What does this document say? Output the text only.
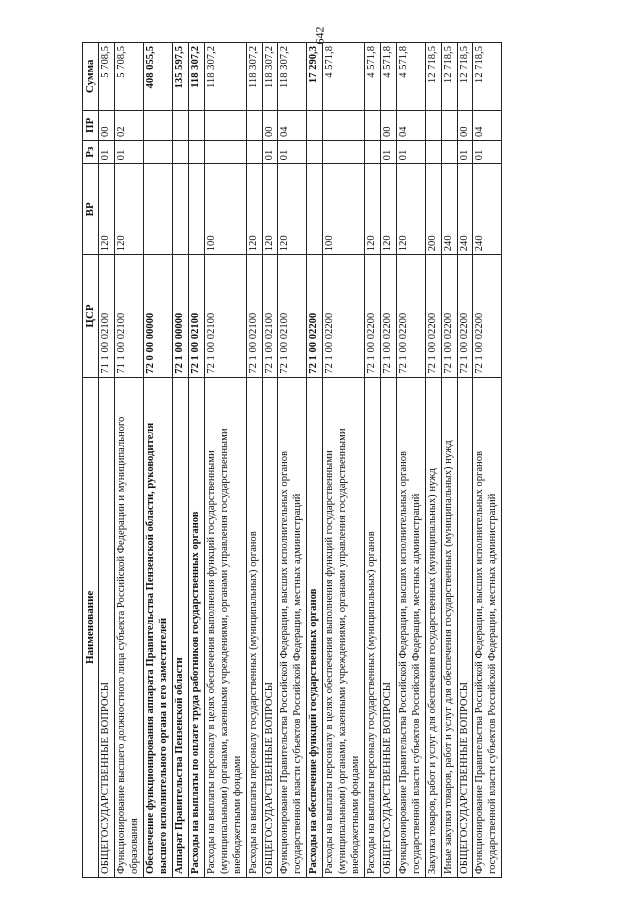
642
Наименование	ЦСР	ВР	Рз	ПР	Сумма
ОБЩЕГОСУДАРСТВЕННЫЕ ВОПРОСЫ	71 1 00 02100	120	01	00	5 708,5
Функционирование высшего должностного лица субъекта Российской Федерации и муниципального образования	71 1 00 02100	120	01	02	5 708,5
Обеспечение функционирования аппарата Правительства Пензенской области, руководителя высшего исполнительного органа и его заместителей	72 0 00 00000				408 055,5
Аппарат Правительства Пензенской области	72 1 00 00000				135 597,5
Расходы на выплаты по оплате труда работников государственных органов	72 1 00 02100				118 307,2
Расходы на выплаты персоналу в целях обеспечения выполнения функций государственными (муниципальными) органами, казенными учреждениями, органами управления государственными внебюджетными фондами	72 1 00 02100	100			118 307,2
Расходы на выплаты персоналу государственных (муниципальных) органов	72 1 00 02100	120			118 307,2
ОБЩЕГОСУДАРСТВЕННЫЕ ВОПРОСЫ	72 1 00 02100	120	01	00	118 307,2
Функционирование Правительства Российской Федерации, высших исполнительных органов государственной власти субъектов Российской Федерации, местных администраций	72 1 00 02100	120	01	04	118 307,2
Расходы на обеспечение функций государственных органов	72 1 00 02200				17 290,3
Расходы на выплаты персоналу в целях обеспечения выполнения функций государственными (муниципальными) органами, казенными учреждениями, органами управления государственными внебюджетными фондами	72 1 00 02200	100			4 571,8
Расходы на выплаты персоналу государственных (муниципальных) органов	72 1 00 02200	120			4 571,8
ОБЩЕГОСУДАРСТВЕННЫЕ ВОПРОСЫ	72 1 00 02200	120	01	00	4 571,8
Функционирование Правительства Российской Федерации, высших исполнительных органов государственной власти субъектов Российской Федерации, местных администраций	72 1 00 02200	120	01	04	4 571,8
Закупка товаров, работ и услуг для обеспечения государственных (муниципальных) нужд	72 1 00 02200	200			12 718,5
Иные закупки товаров, работ и услуг для обеспечения государственных (муниципальных) нужд	72 1 00 02200	240			12 718,5
ОБЩЕГОСУДАРСТВЕННЫЕ ВОПРОСЫ	72 1 00 02200	240	01	00	12 718,5
Функционирование Правительства Российской Федерации, высших исполнительных органов государственной власти субъектов Российской Федерации, местных администраций	72 1 00 02200	240	01	04	12 718,5
